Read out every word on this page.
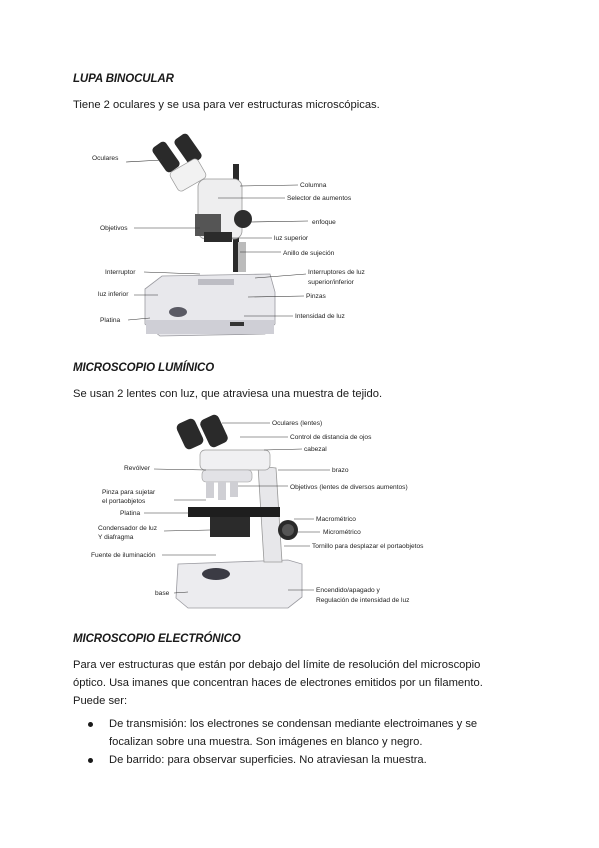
LUPA BINOCULAR
Tiene 2 oculares y se usa para ver estructuras microscópicas.
Oculares
Objetivos
Interruptor
luz inferior
Platina
Columna
Selector de aumentos
enfoque
luz superior
Anillo de sujeción
Interruptores de luz
superior/inferior
Pinzas
Intensidad de luz
MICROSCOPIO LUMÍNICO
Se usan 2 lentes con luz, que atraviesa una muestra de tejido.
Revólver
Pinza para sujetar
el portaobjetos
Platina
Condensador de luz
Y diafragma
Fuente de iluminación
base
Oculares (lentes)
Control de distancia de ojos
cabezal
brazo
Objetivos (lentes de diversos aumentos)
Macrométrico
Micrométrico
Tornillo para desplazar el portaobjetos
Encendido/apagado y
Regulación de intensidad de luz
MICROSCOPIO ELECTRÓNICO
Para ver estructuras que están por debajo del límite de resolución del microscopio
óptico. Usa imanes que concentran haces de electrones emitidos por un filamento.
Puede ser:
De transmisión: los electrones se condensan mediante electroimanes y se
focalizan sobre una muestra. Son imágenes en blanco y negro.
De barrido: para observar superficies. No atraviesan la muestra.
